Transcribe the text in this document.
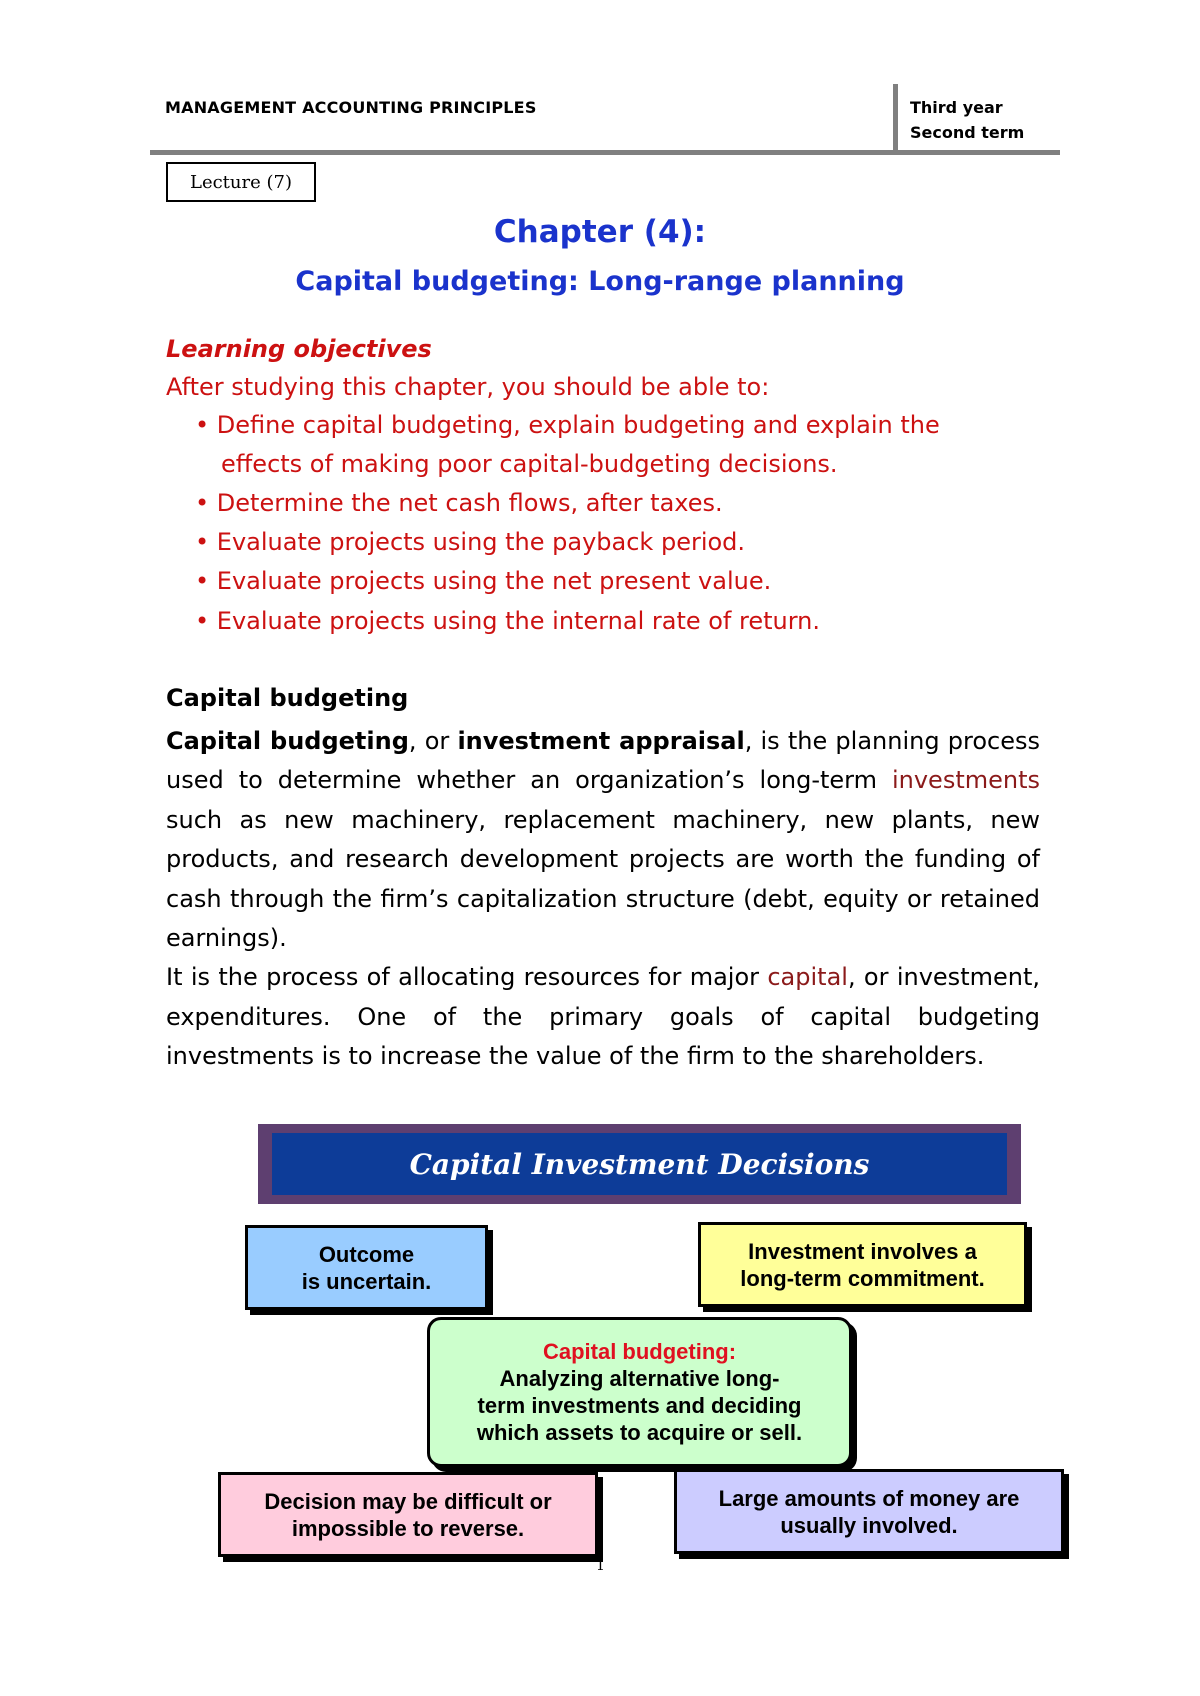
MANAGEMENT ACCOUNTING PRINCIPLES	Third year
Second term
Lecture (7)
Chapter (4):
Capital budgeting: Long-range planning
Learning objectives
After studying this chapter, you should be able to:
• Define capital budgeting, explain budgeting and explain the
effects of making poor capital-budgeting decisions.
• Determine the net cash flows, after taxes.
• Evaluate projects using the payback period.
• Evaluate projects using the net present value.
• Evaluate projects using the internal rate of return.
Capital budgeting

Capital budgeting, or investment appraisal, is the planning process used to determine whether an organization’s long-term investments such as new machinery, replacement machinery, new plants, new products, and research development projects are worth the funding of cash through the firm’s capitalization structure (debt, equity or retained earnings).

It is the process of allocating resources for major capital, or investment, expenditures. One of the primary goals of capital budgeting investments is to increase the value of the firm to the shareholders.

Capital Investment Decisions
Outcome
is uncertain.
Investment involves a
long-term commitment.
Capital budgeting:
Analyzing alternative long-
term investments and deciding
which assets to acquire or sell.
Decision may be difficult or
impossible to reverse.
Large amounts of money are
usually involved.
1
